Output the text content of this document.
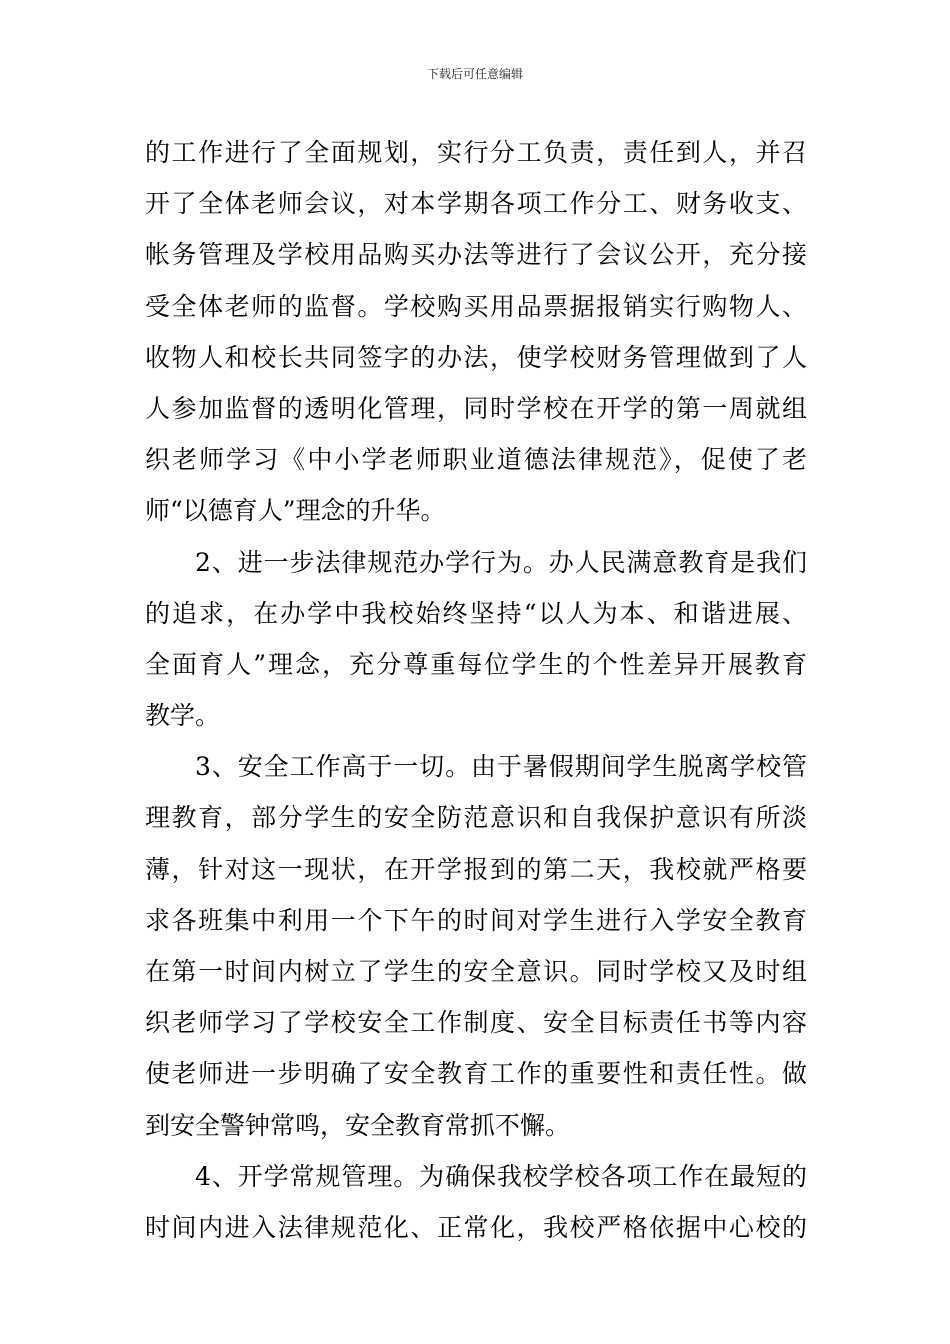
下载后可任意编辑
的工作进行了全面规划，实行分工负责，责任到人，并召
开了全体老师会议，对本学期各项工作分工、财务收支、
帐务管理及学校用品购买办法等进行了会议公开，充分接
受全体老师的监督。学校购买用品票据报销实行购物人、
收物人和校长共同签字的办法，使学校财务管理做到了人
人参加监督的透明化管理，同时学校在开学的第一周就组
织老师学习《中小学老师职业道德法律规范》，促使了老
师“以德育人”理念的升华。
2、进一步法律规范办学行为。办人民满意教育是我们
的追求，在办学中我校始终坚持“以人为本、和谐进展、
全面育人”理念，充分尊重每位学生的个性差异开展教育
教学。
3、安全工作高于一切。由于暑假期间学生脱离学校管
理教育，部分学生的安全防范意识和自我保护意识有所淡
薄，针对这一现状，在开学报到的第二天，我校就严格要
求各班集中利用一个下午的时间对学生进行入学安全教育
在第一时间内树立了学生的安全意识。同时学校又及时组
织老师学习了学校安全工作制度、安全目标责任书等内容
使老师进一步明确了安全教育工作的重要性和责任性。做
到安全警钟常鸣，安全教育常抓不懈。
4、开学常规管理。为确保我校学校各项工作在最短的
时间内进入法律规范化、正常化，我校严格依据中心校的
